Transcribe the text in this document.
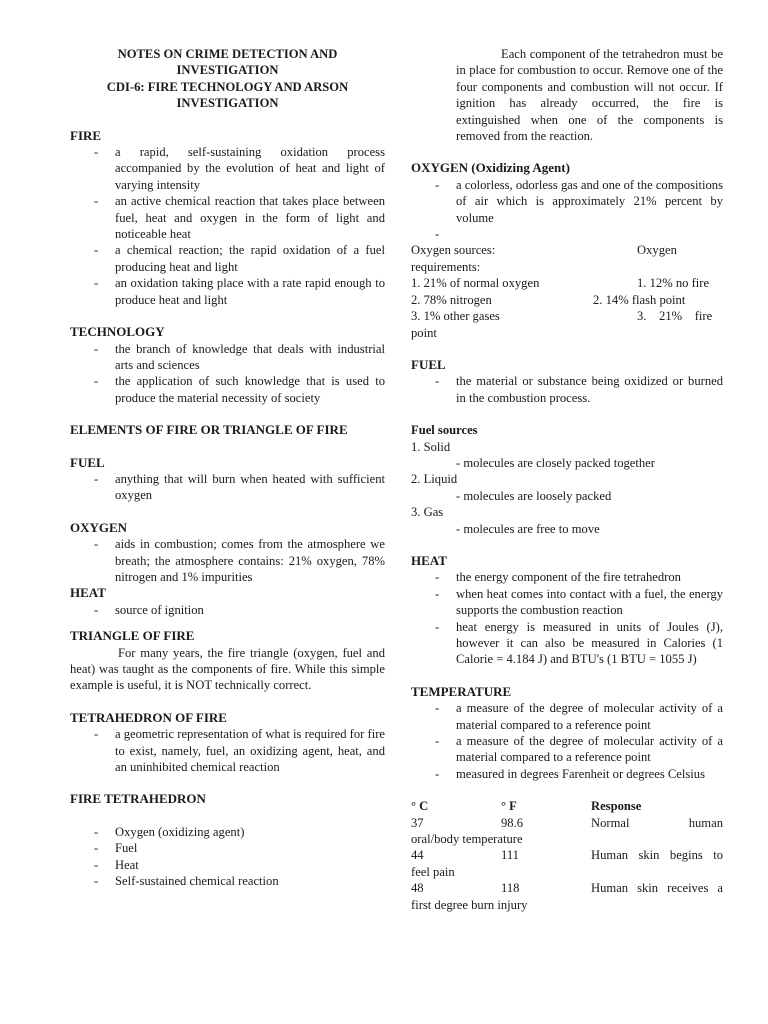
NOTES ON CRIME DETECTION AND

INVESTIGATION

CDI-6: FIRE TECHNOLOGY AND ARSON

INVESTIGATION

FIRE
- a rapid, self-sustaining oxidation process accompanied by the evolution of heat and light of varying intensity
- an active chemical reaction that takes place between fuel, heat and oxygen in the form of light and noticeable heat
- a chemical reaction; the rapid oxidation of a fuel producing heat and light
- an oxidation taking place with a rate rapid enough to produce heat and light
TECHNOLOGY
- the branch of knowledge that deals with industrial arts and sciences
- the application of such knowledge that is used to produce the material necessity of society
ELEMENTS OF FIRE OR TRIANGLE OF FIRE
FUEL
- anything that will burn when heated with sufficient oxygen
OXYGEN
- aids in combustion; comes from the atmosphere we breath; the atmosphere contains: 21% oxygen, 78% nitrogen and 1% impurities
HEAT
- source of ignition
TRIANGLE OF FIRE

For many years, the fire triangle (oxygen, fuel and heat) was taught as the components of fire. While this simple example is useful, it is NOT technically correct.

TETRAHEDRON OF FIRE
- a geometric representation of what is required for fire to exist, namely, fuel, an oxidizing agent, heat, and an uninhibited chemical reaction
FIRE TETRAHEDRON
- Oxygen (oxidizing agent)
- Fuel
- Heat
- Self-sustained chemical reaction

Each component of the tetrahedron must be in place for combustion to occur. Remove one of the four components and combustion will not occur. If ignition has already occurred, the fire is extinguished when one of the components is removed from the reaction.

OXYGEN (Oxidizing Agent)
- a colorless, odorless gas and one of the compositions of air which is approximately 21% percent by volume
-
Oxygen sources:	Oxygen
requirements:
1. 21% of normal oxygen	1. 12% no fire
2. 78% nitrogen	2. 14% flash point
3. 1% other gases	3.    21%    fire
point
FUEL
- the material or substance being oxidized or burned in the combustion process.
Fuel sources
1. Solid
- molecules are closely packed together
2. Liquid
- molecules are loosely packed
3. Gas
- molecules are free to move
HEAT
- the energy component of the fire tetrahedron
- when heat comes into contact with a fuel, the energy supports the combustion reaction
- heat energy is measured in units of Joules (J), however it can also be measured in Calories (1 Calorie = 4.184 J) and BTU's (1 BTU = 1055 J)
TEMPERATURE
- a measure of the degree of molecular activity of a material compared to a reference point
- a measure of the degree of molecular activity of a material compared to a reference point
- measured in degrees Farenheit or degrees Celsius
° C	° F	Response
37	98.6	Normal human
oral/body temperature		
44	111	Human skin begins to
feel pain		
48	118	Human skin receives a
first degree burn injury		
